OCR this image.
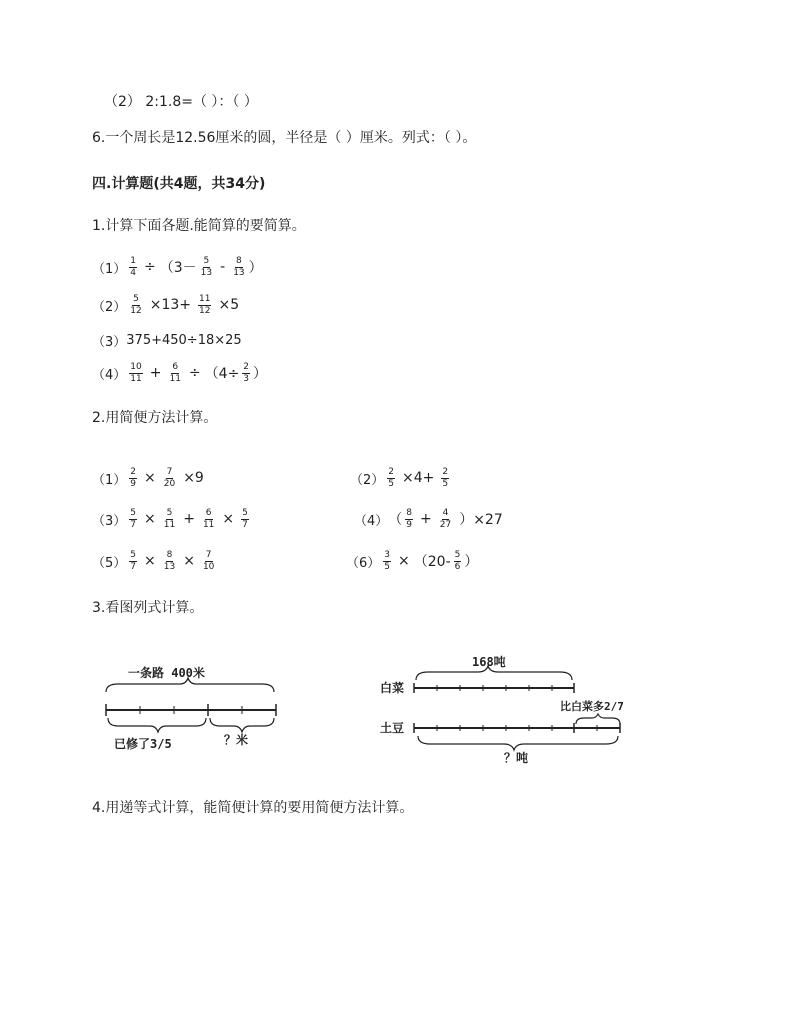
（2） 2:1.8=（ ）：（ ）
6.一个周长是12.56厘米的圆，半径是（ ）厘米。列式：（ ）。
四.计算题(共4题，共34分)
1.计算下面各题.能简算的要简算。
$(1) \frac{1}{4} \div (3- \frac{5}{13} - \frac{8}{13}$ ）
$(2) \frac{5}{12} \times 13+ \frac{11}{12} \times 5$
（3） 375+450÷18×25
$(4) \frac{10}{11} + \frac{6}{11} \div (4\div \frac{2}{3}$ ）
2.用简便方法计算。
$(1) \frac{2}{9} \times \frac{7}{20} \times 9$	$(2) \frac{2}{5} \times 4+ \frac{2}{5}$
$(3) \frac{5}{7} \times \frac{5}{11} + \frac{6}{11} \times \frac{5}{7}$	（4） （ $\frac{8}{9} + \frac{4}{27} )\times 27$
$(5) \frac{5}{7} \times \frac{8}{13} \times \frac{7}{10}$	$(6) \frac{3}{5} \times (20- \frac{5}{6}$ ）
3.看图列式计算。
一条路 400米
已修了3/5	？米
168吨
白菜
比白菜多2/7
土豆
？吨
4.用递等式计算，能简便计算的要用简便方法计算。
